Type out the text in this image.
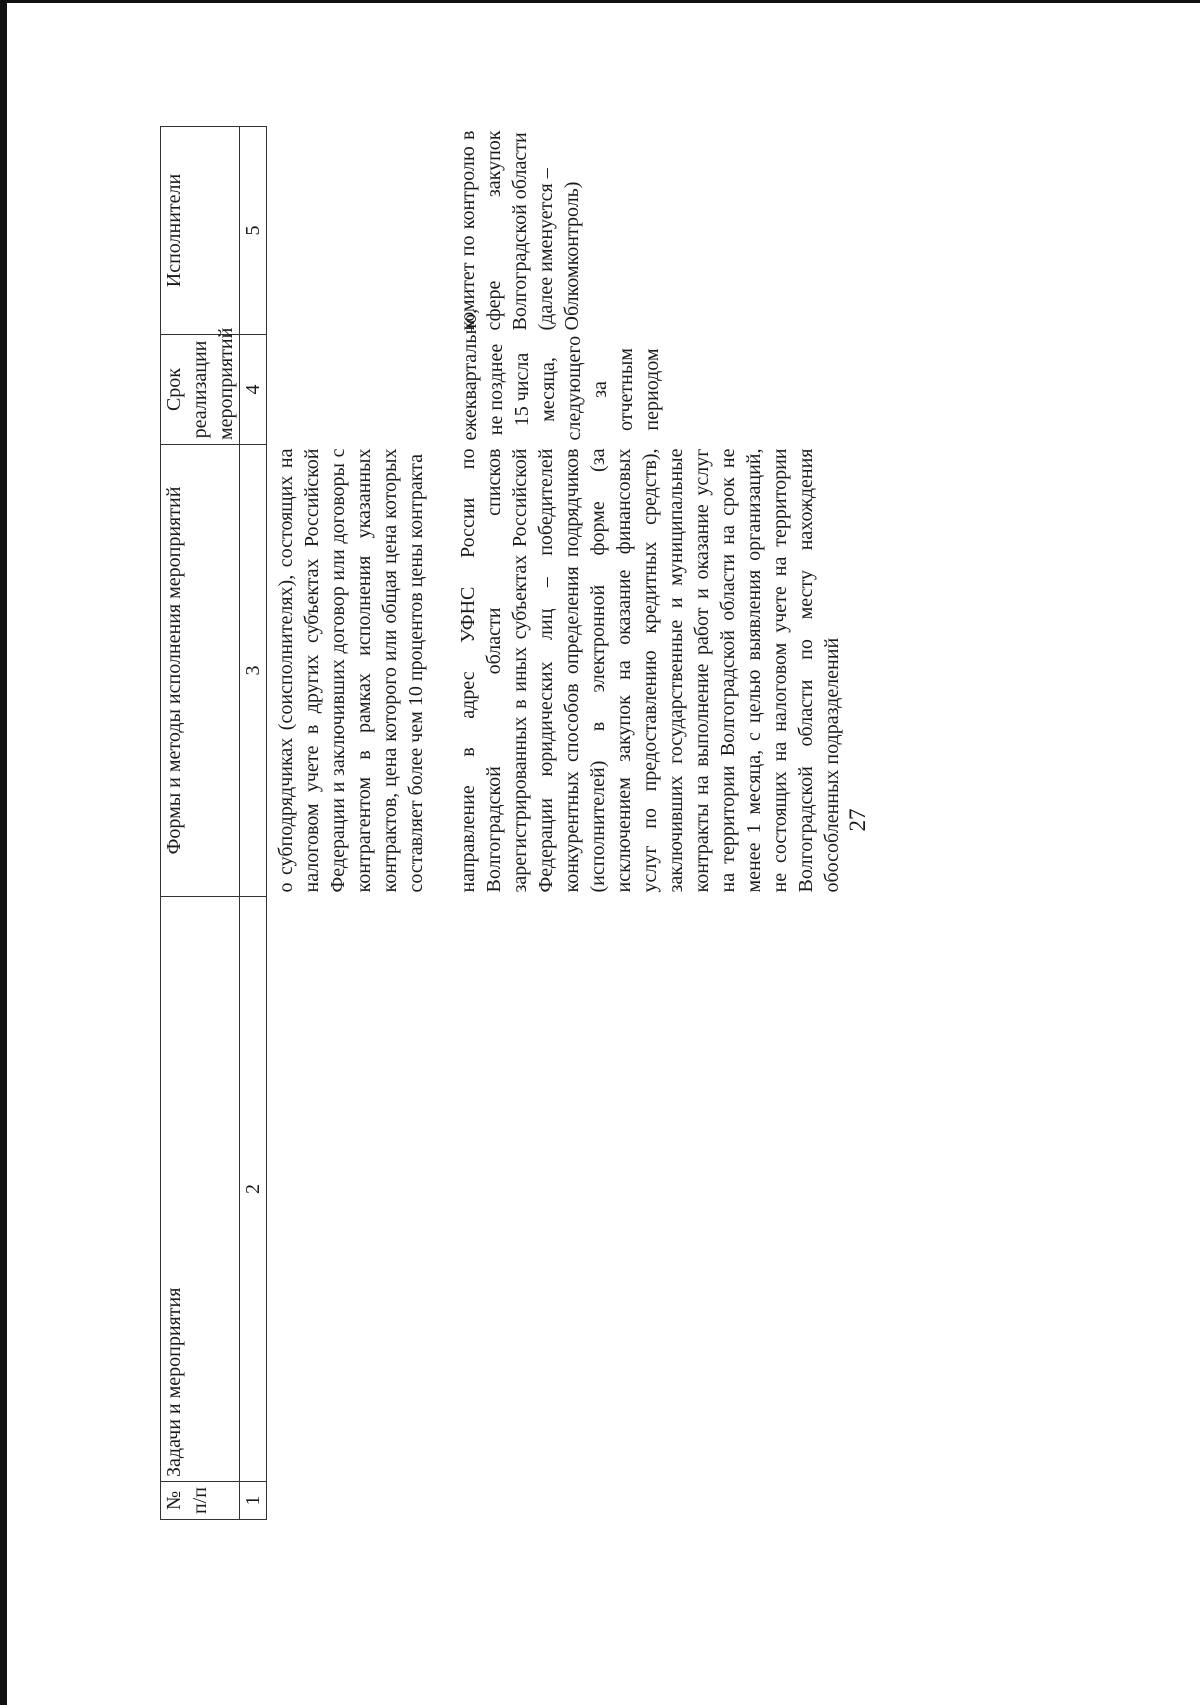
№ п/п	Задачи и мероприятия	Формы и методы исполнения мероприятий	Срок реализации мероприятий	Исполнители
1	2	3	4	5

		о субподрядчиках (соисполнителях), состоящих на налоговом учете в других субъектах Российской Федерации и заключивших договор или договоры с контрагентом в рамках исполнения указанных контрактов, цена которого или общая цена которых составляет более чем 10 процентов цены контракта		

		направление в адрес УФНС России по Волгоградской области списков зарегистрированных в иных субъектах Российской Федерации юридических лиц – победителей конкурентных способов определения подрядчиков (исполнителей) в электронной форме (за исключением закупок на оказание финансовых услуг по предоставлению кредитных средств), заключивших государственные и муниципальные контракты на выполнение работ и оказание услуг на территории Волгоградской области на срок не менее 1 месяца, с целью выявления организаций, не состоящих на налоговом учете на территории Волгоградской области по месту нахождения обособленных подразделений	ежеквартально, не позднее 15 числа месяца, следующего за отчетным периодом	комитет по контролю в сфере закупок Волгоградской области (далее именуется – Облкомконтроль)
27
